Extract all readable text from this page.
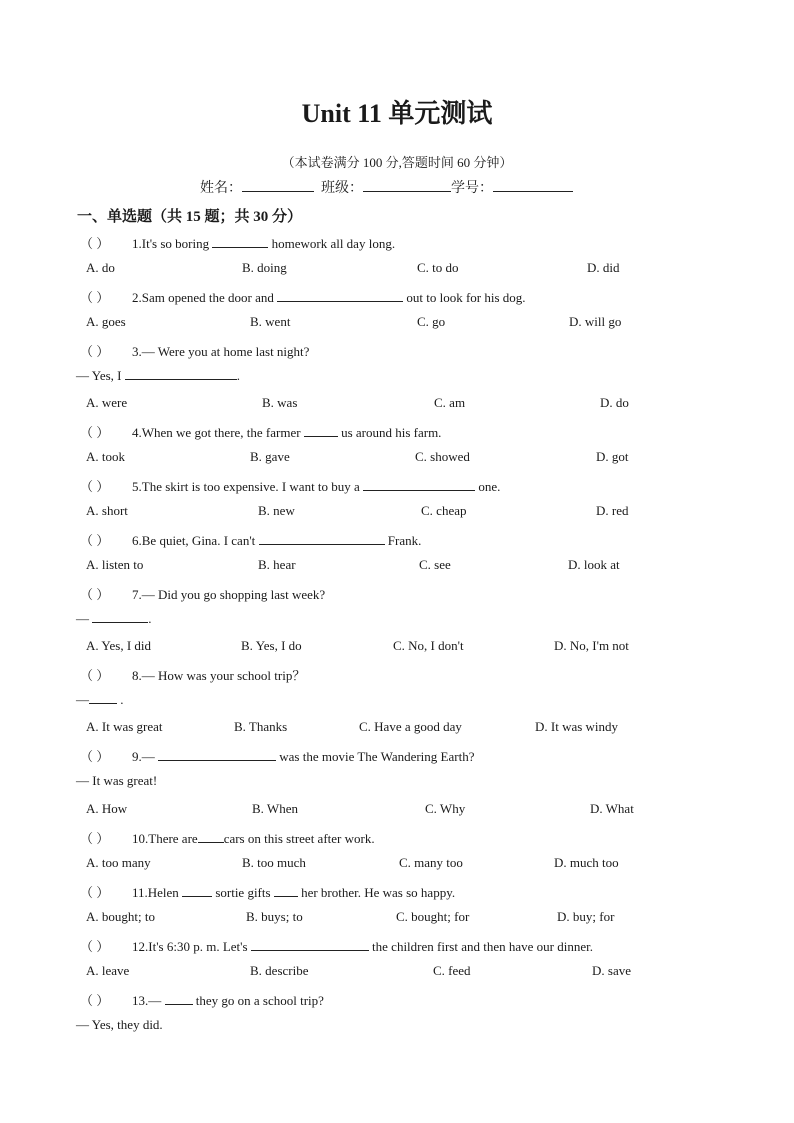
Unit 11 单元测试
（本试卷满分 100 分,答题时间 60 分钟）
姓名：	班级：	学号：
一、单选题（共 15 题；共 30 分）
（ ） 1.It's so boring	homework all day long.
A. do	B. doing	C. to do	D. did
（ ） 2.Sam opened the door and	out to look for his dog.
A. goes	B. went	C. go	D. will go
（ ） 3.— Were you at home last night?
— Yes, I	.
A. were	B. was	C. am	D. do
（ ） 4.When we got there, the farmer	us around his farm.
A. took	B. gave	C. showed	D. got
（ ） 5.The skirt is too expensive. I want to buy a	one.
A. short	B. new	C. cheap	D. red
（ ） 6.Be quiet, Gina. I can't	Frank.
A. listen to	B. hear	C. see	D. look at
（ ） 7.— Did you go shopping last week?
—	.
A. Yes, I did	B. Yes, I do	C. No, I don't	D. No, I'm not
（ ） 8.— How was your school trip？
— .
A. It was great	B. Thanks	C. Have a good day	D. It was windy
（ ） 9.—	was the movie The Wandering Earth?
— It was great!
A. How	B. When	C. Why	D. What
（ ） 10.There are cars on this street after work.
A. too many	B. too much	C. many too	D. much too
（ ） 11.Helen  sortie gifts  her brother. He was so happy.
A. bought; to	B. buys; to	C. bought; for	D. buy; for
（ ） 12.It's 6:30 p. m. Let's	the children first and then have our dinner.
A. leave	B. describe	C. feed	D. save
（ ） 13.—  they go on a school trip?
— Yes, they did.
